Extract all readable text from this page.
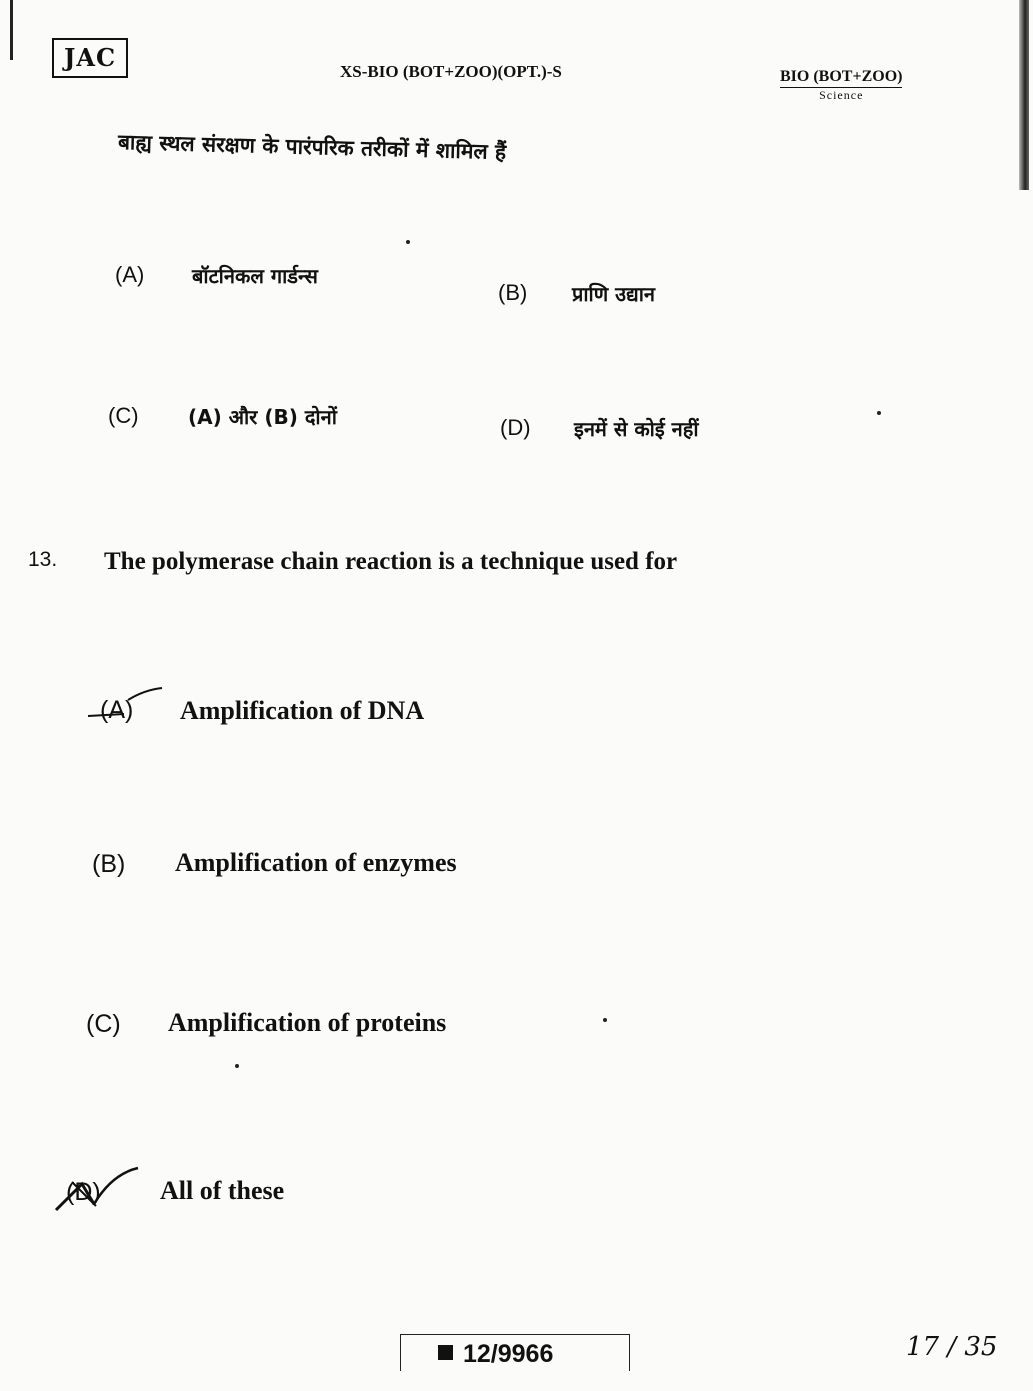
JAC	XS-BIO (BOT+ZOO)(OPT.)-S	BIO (BOT+ZOO)
Science
बाह्य स्थल संरक्षण के पारंपरिक तरीकों में शामिल हैं
(A) बॉटनिकल गार्डन्स
(B) प्राणि उद्यान
(C) (A) और (B) दोनों	(D) इनमें से कोई नहीं
13. The polymerase chain reaction is a technique used for
(A) Amplification of DNA
(B) Amplification of enzymes
(C) Amplification of proteins
(D) All of these
12/9966	17 / 35
